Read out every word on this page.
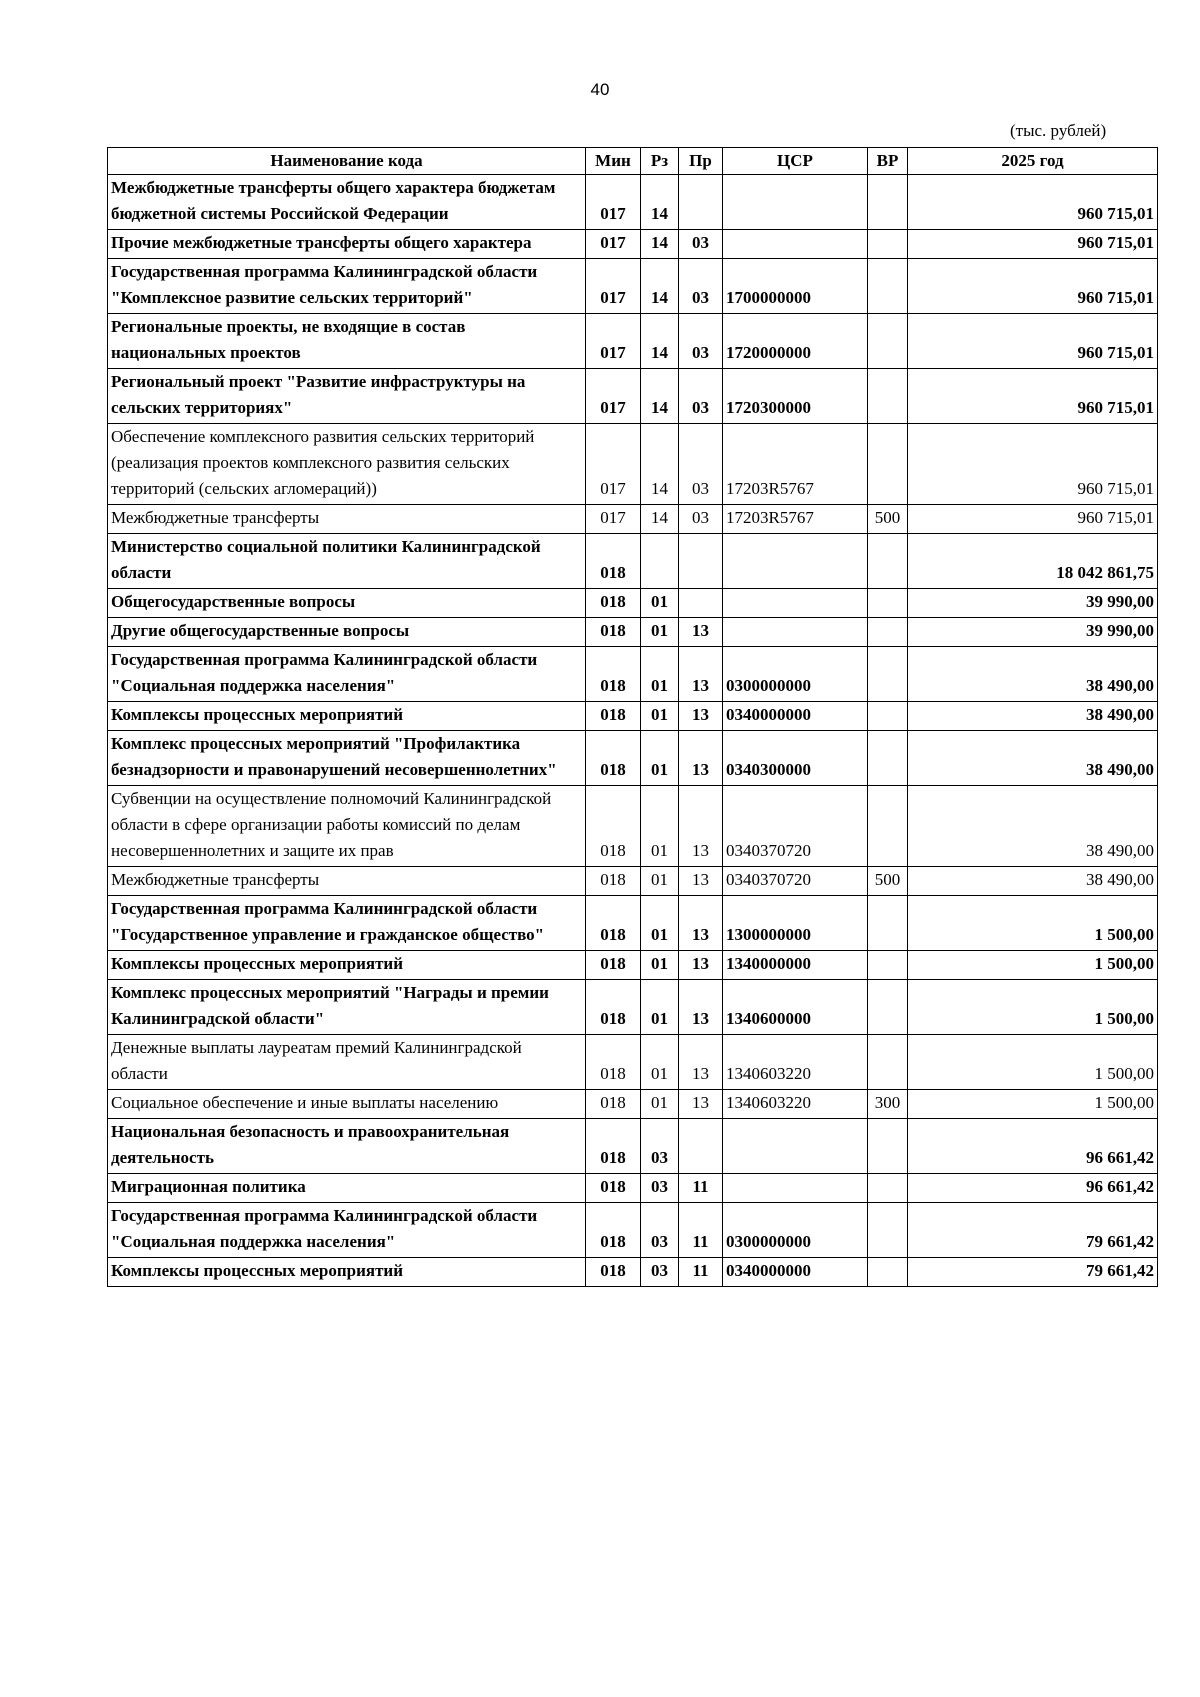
40
(тыс. рублей)
Наименование кода	Мин	Рз	Пр	ЦСР	ВР	2025 год
Межбюджетные трансферты общего характера бюджетам бюджетной системы Российской Федерации	017	14				960 715,01
Прочие межбюджетные трансферты общего характера	017	14	03			960 715,01
Государственная программа Калининградской области "Комплексное развитие сельских территорий"	017	14	03	1700000000		960 715,01
Региональные проекты, не входящие в состав национальных проектов	017	14	03	1720000000		960 715,01
Региональный проект "Развитие инфраструктуры на сельских территориях"	017	14	03	1720300000		960 715,01
Обеспечение комплексного развития сельских территорий (реализация проектов комплексного развития сельских территорий (сельских агломераций))	017	14	03	17203R5767		960 715,01
Межбюджетные трансферты	017	14	03	17203R5767	500	960 715,01
Министерство социальной политики Калининградской области	018					18 042 861,75
Общегосударственные вопросы	018	01				39 990,00
Другие общегосударственные вопросы	018	01	13			39 990,00
Государственная программа Калининградской области "Социальная поддержка населения"	018	01	13	0300000000		38 490,00
Комплексы процессных мероприятий	018	01	13	0340000000		38 490,00
Комплекс процессных мероприятий "Профилактика безнадзорности и правонарушений несовершеннолетних"	018	01	13	0340300000		38 490,00
Субвенции на осуществление полномочий Калининградской области в сфере организации работы комиссий по делам несовершеннолетних и защите их прав	018	01	13	0340370720		38 490,00
Межбюджетные трансферты	018	01	13	0340370720	500	38 490,00
Государственная программа Калининградской области "Государственное управление и гражданское общество"	018	01	13	1300000000		1 500,00
Комплексы процессных мероприятий	018	01	13	1340000000		1 500,00
Комплекс процессных мероприятий "Награды и премии Калининградской области"	018	01	13	1340600000		1 500,00
Денежные выплаты лауреатам премий Калининградской области	018	01	13	1340603220		1 500,00
Социальное обеспечение и иные выплаты населению	018	01	13	1340603220	300	1 500,00
Национальная безопасность и правоохранительная деятельность	018	03				96 661,42
Миграционная политика	018	03	11			96 661,42
Государственная программа Калининградской области "Социальная поддержка населения"	018	03	11	0300000000		79 661,42
Комплексы процессных мероприятий	018	03	11	0340000000		79 661,42
